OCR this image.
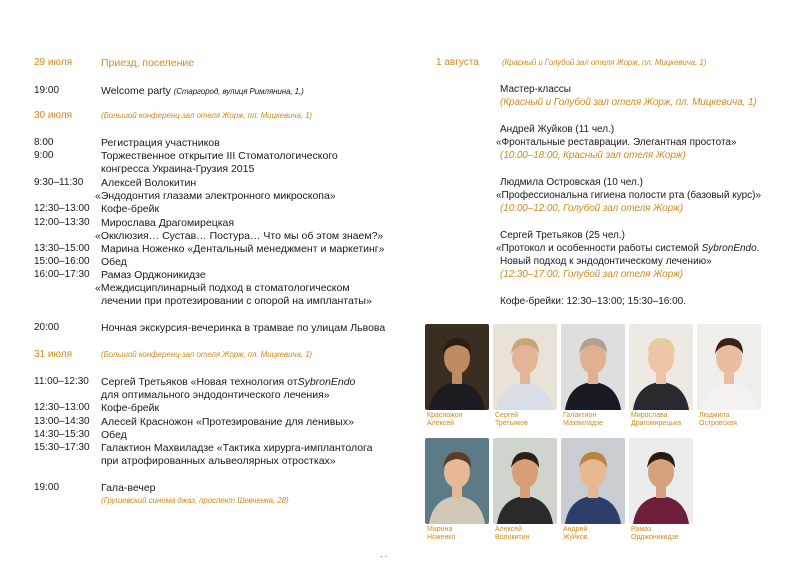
29 июля	Приезд, поселение
19:00	Welcome party (Старгород, вулиця Римлянина, 1,)
30 июля	(Большой конференц-зал отеля Жорж, пл. Мицкевича, 1)
8:00	Регистрация участников
9:00	Торжественное открытие III Стоматологического
конгресса Украина-Грузия 2015
9:30–11:30 Алексей Волокитин
«Эндодонтия глазами электронного микроскопа»
12:30–13:00 Кофе-брейк
12:00–13:30 Мирослава Драгомирецкая
«Окклюзия… Сустав… Постура… Что мы об этом знаем?»
13:30–15:00 Марина Ноженко «Дентальный менеджмент и маркетинг»
15:00–16:00 Обед
16:00–17:30 Рамаз Орджоникидзе
«Междисциплинарный подход в стоматологическом
лечении при протезировании с опорой на имплантаты»
20:00	Ночная экскурсия-вечеринка в трамвае по улицам Львова
31 июля	(Большой конференц-зал отеля Жорж, пл. Мицкевича, 1)
11:00–12:30 Сергей Третьяков «Новая технология от SybronEndo
для оптимального эндодонтического лечения»
12:30–13:00 Кофе-брейк
13:00–14:30 Алесей Красножон «Протезирование для ленивых»
14:30–15:30 Обед
15:30–17:30 Галактион Махвиладзе «Тактика хирурга-имплантолога
при атрофированных альвеолярных отростках»
19:00	Гала-вечер
(Грушевский синема джаз, проспект Шевченка, 28)
1 августа	(Красный и Голубой зал отеля Жорж, пл. Мицкевича, 1)
Мастер-классы
(Красный и Голубой зал отеля Жорж, пл. Мицкевича, 1)
Андрей Жуйков (11 чел.)
«Фронтальные реставрации. Элегантная простота»
(10:00–18:00, Красный зал отеля Жорж)
Людмила Островская (10 чел.)
«Профессиональна гигиена полости рта (базовый курс)»
(10:00–12:00, Голубой зал отеля Жорж)
Сергей Третьяков (25 чел.)
«Протокол и особенности работы системой SybronEndo.
Новый подход к эндодонтическому лечению»
(12:30–17:00, Голубой зал отеля Жорж)
Кофе-брейки: 12:30–13:00; 15:30–16:00.
Красножон
Алексей
Сергей
Третьяков
Галактион
Махвиладзе
Мирослава
Драгомирецька
Людмила
Островская
Марина
Ноженко
Алексей
Волокитин
Андрей
Жуйков
Рамаз
Орджоникидзе
· ·
